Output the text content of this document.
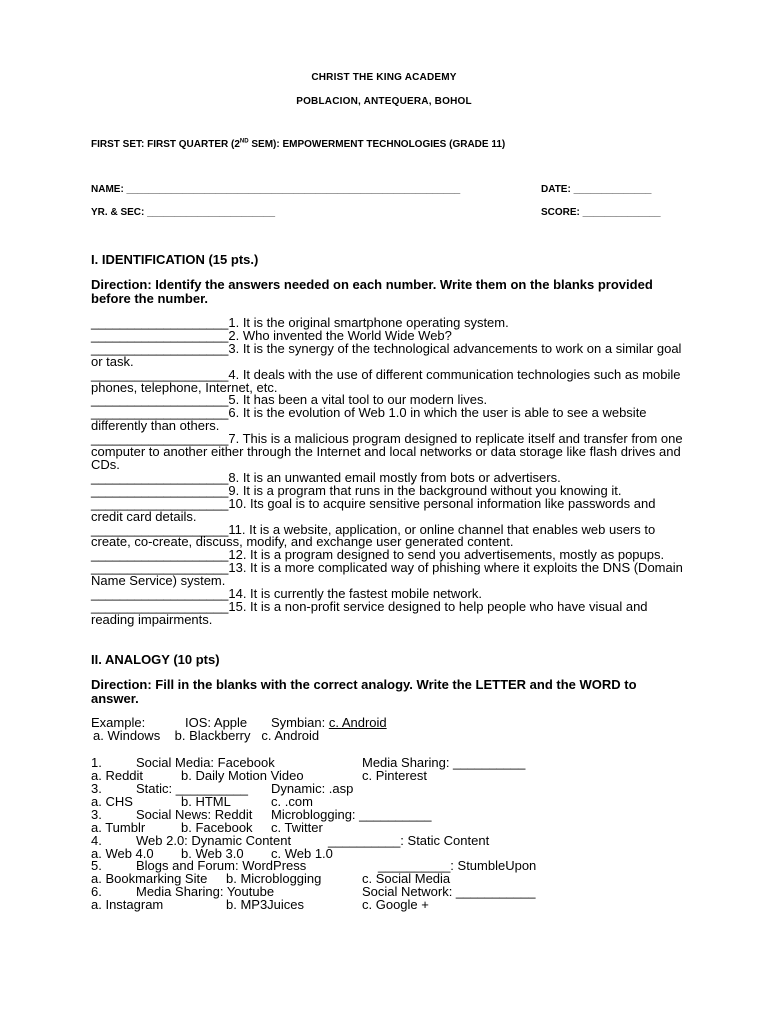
CHRIST THE KING ACADEMY
POBLACION, ANTEQUERA, BOHOL
FIRST SET: FIRST QUARTER (2ND SEM): EMPOWERMENT TECHNOLOGIES (GRADE 11)
NAME: ____________________________________________________________	DATE: ______________
YR. & SEC: _______________________	SCORE: ______________
I. IDENTIFICATION (15 pts.)
Direction: Identify the answers needed on each number. Write them on the blanks provided before the number.
___________________1. It is the original smartphone operating system.
___________________2. Who invented the World Wide Web?
___________________3. It is the synergy of the technological advancements to work on a similar goal or task.
___________________4. It deals with the use of different communication technologies such as mobile phones, telephone, Internet, etc.
___________________5. It has been a vital tool to our modern lives.
___________________6. It is the evolution of Web 1.0 in which the user is able to see a website differently than others.
___________________7. This is a malicious program designed to replicate itself and transfer from one computer to another either through the Internet and local networks or data storage like flash drives and CDs.
___________________8. It is an unwanted email mostly from bots or advertisers.
___________________9. It is a program that runs in the background without you knowing it.
___________________10. Its goal is to acquire sensitive personal information like passwords and credit card details.
___________________11. It is a website, application, or online channel that enables web users to create, co-create, discuss, modify, and exchange user generated content.
___________________12. It is a program designed to send you advertisements, mostly as popups.
___________________13. It is a more complicated way of phishing where it exploits the DNS (Domain Name Service) system.
___________________14. It is currently the fastest mobile network.
___________________15. It is a non-profit service designed to help people who have visual and reading impairments.
II. ANALOGY (10 pts)
Direction: Fill in the blanks with the correct analogy. Write the LETTER and the WORD to answer.
Example:	IOS: Apple Symbian: c. Android
a. Windows    b. Blackberry   c. Android
1.	Social Media: Facebook	Media Sharing: __________
a. Reddit	b. Daily Motion Video	c. Pinterest
3.	Static: __________ Dynamic: .asp
a. CHS	b. HTML	c. .com
3.	Social News: Reddit Microblogging: __________
a. Tumblr	b. Facebook c. Twitter
4.	Web 2.0: Dynamic Content	__________: Static Content
a. Web 4.0 b. Web 3.0 c. Web 1.0
5.	Blogs and Forum: WordPress	__________: StumbleUpon
a. Bookmarking Site b. Microblogging	c. Social Media
6.	Media Sharing: Youtube	Social Network: ___________
a. Instagram	b. MP3Juices	c. Google +
